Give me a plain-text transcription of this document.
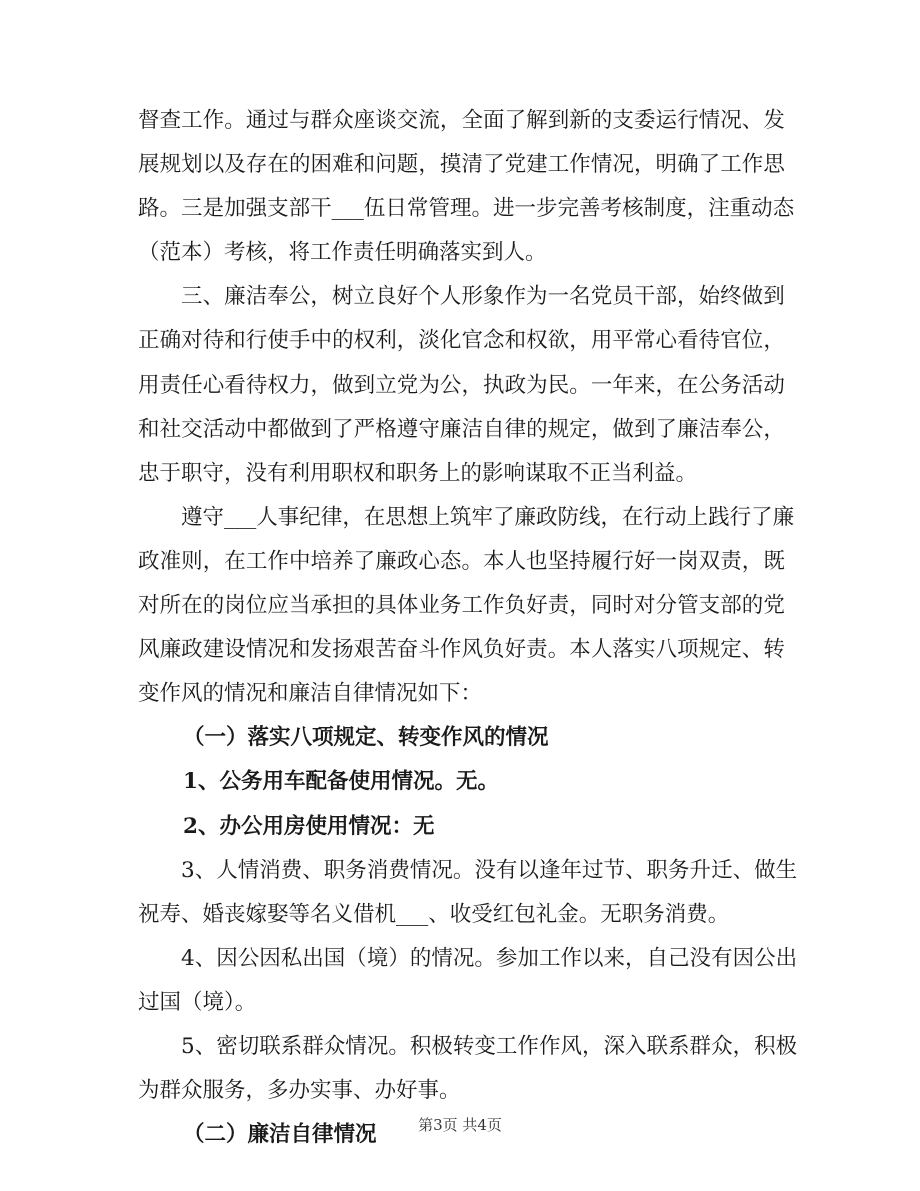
督 查 工 作 。 通 过 与 群 众 座 谈 交 流 ， 全 面 了 解 到 新 的 支 委 运 行 情 况 、 发
展 规 划 以 及 存 在 的 困 难 和 问 题 ， 摸 清 了 党 建 工 作 情 况 ， 明 确 了 工 作 思
路 。 三 是 加 强 支 部 干 _ _ _ 伍 日 常 管 理 。 进 一 步 完 善 考 核 制 度 ， 注 重 动 态
（范本）考核，将工作责任明确落实到人。
三 、 廉 洁 奉 公 ， 树 立 良 好 个 人 形 象 作 为 一 名 党 员 干 部 ， 始 终 做 到
正 确 对 待 和 行 使 手 中 的 权 利 ， 淡 化 官 念 和 权 欲 ， 用 平 常 心 看 待 官 位 ，
用 责 任 心 看 待 权 力 ， 做 到 立 党 为 公 ， 执 政 为 民 。 一 年 来 ， 在 公 务 活 动
和 社 交 活 动 中 都 做 到 了 严 格 遵 守 廉 洁 自 律 的 规 定 ， 做 到 了 廉 洁 奉 公 ，
忠于职守，没有利用职权和职务上的影响谋取不正当利益。
遵 守 _ _ _ 人 事 纪 律 ， 在 思 想 上 筑 牢 了 廉 政 防 线 ， 在 行 动 上 践 行 了 廉
政 准 则 ， 在 工 作 中 培 养 了 廉 政 心 态 。 本 人 也 坚 持 履 行 好 一 岗 双 责 ， 既
对 所 在 的 岗 位 应 当 承 担 的 具 体 业 务 工 作 负 好 责 ， 同 时 对 分 管 支 部 的 党
风 廉 政 建 设 情 况 和 发 扬 艰 苦 奋 斗 作 风 负 好 责 。 本 人 落 实 八 项 规 定 、 转
变作风的情况和廉洁自律情况如下：
（一）落实八项规定、转变作风的情况
1、公务用车配备使用情况。无。
2、办公用房使用情况：无
3 、 人 情 消 费 、 职 务 消 费 情 况 。 没 有 以 逢 年 过 节 、 职 务 升 迁 、 做 生
祝寿、婚丧嫁娶等名义借机___、收受红包礼金。无职务消费。
4 、 因 公 因 私 出 国 （ 境 ） 的 情 况 。 参 加 工 作 以 来 ， 自 己 没 有 因 公 出
过国（境）。
5 、 密 切 联 系 群 众 情 况 。 积 极 转 变 工 作 作 风 ， 深 入 联 系 群 众 ， 积 极
为群众服务，多办实事、办好事。
（二）廉洁自律情况	第3页 共4页
